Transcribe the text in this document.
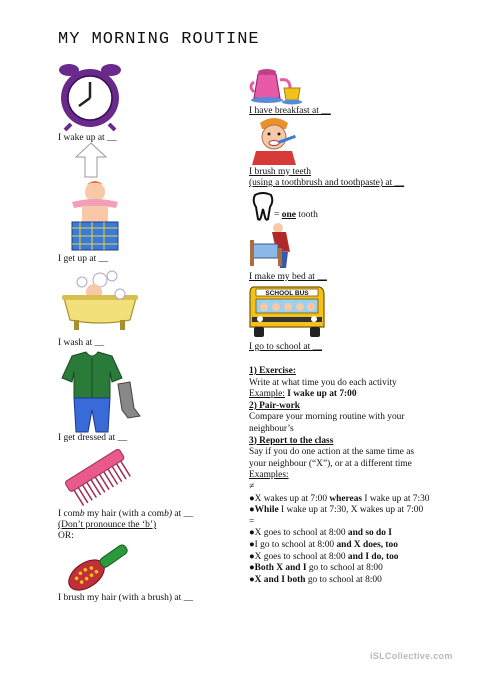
MY MORNING ROUTINE
I wake up at __
I get up at __
I wash at __
I get dressed at __
I comb my hair (with a comb) at __
(Don’t pronounce the ‘b’)
OR:
I brush my hair (with a brush) at __
I have breakfast at __
I brush my teeth
(using a toothbrush and toothpaste) at __
= one tooth
I make my bed at __
SCHOOL BUS
I go to school at __
1) Exercise:
Write at what time you do each activity
Example: I wake up at 7:00
2) Pair-work
Compare your morning routine with your
neighbour’s
3) Report to the class
Say if you do one action at the same time as
your neighbour (“X”), or at a different time
Examples:
≠
●X wakes up at 7:00 whereas I wake up at 7:30
●While I wake up at 7:30, X wakes up at 7:00
=
●X goes to school at 8:00 and so do I
●I go to school at 8:00 and X does, too
●X goes to school at 8:00 and I do, too
●Both X and I go to school at 8:00
●X and I both go to school at 8:00
iSLCollective.com
